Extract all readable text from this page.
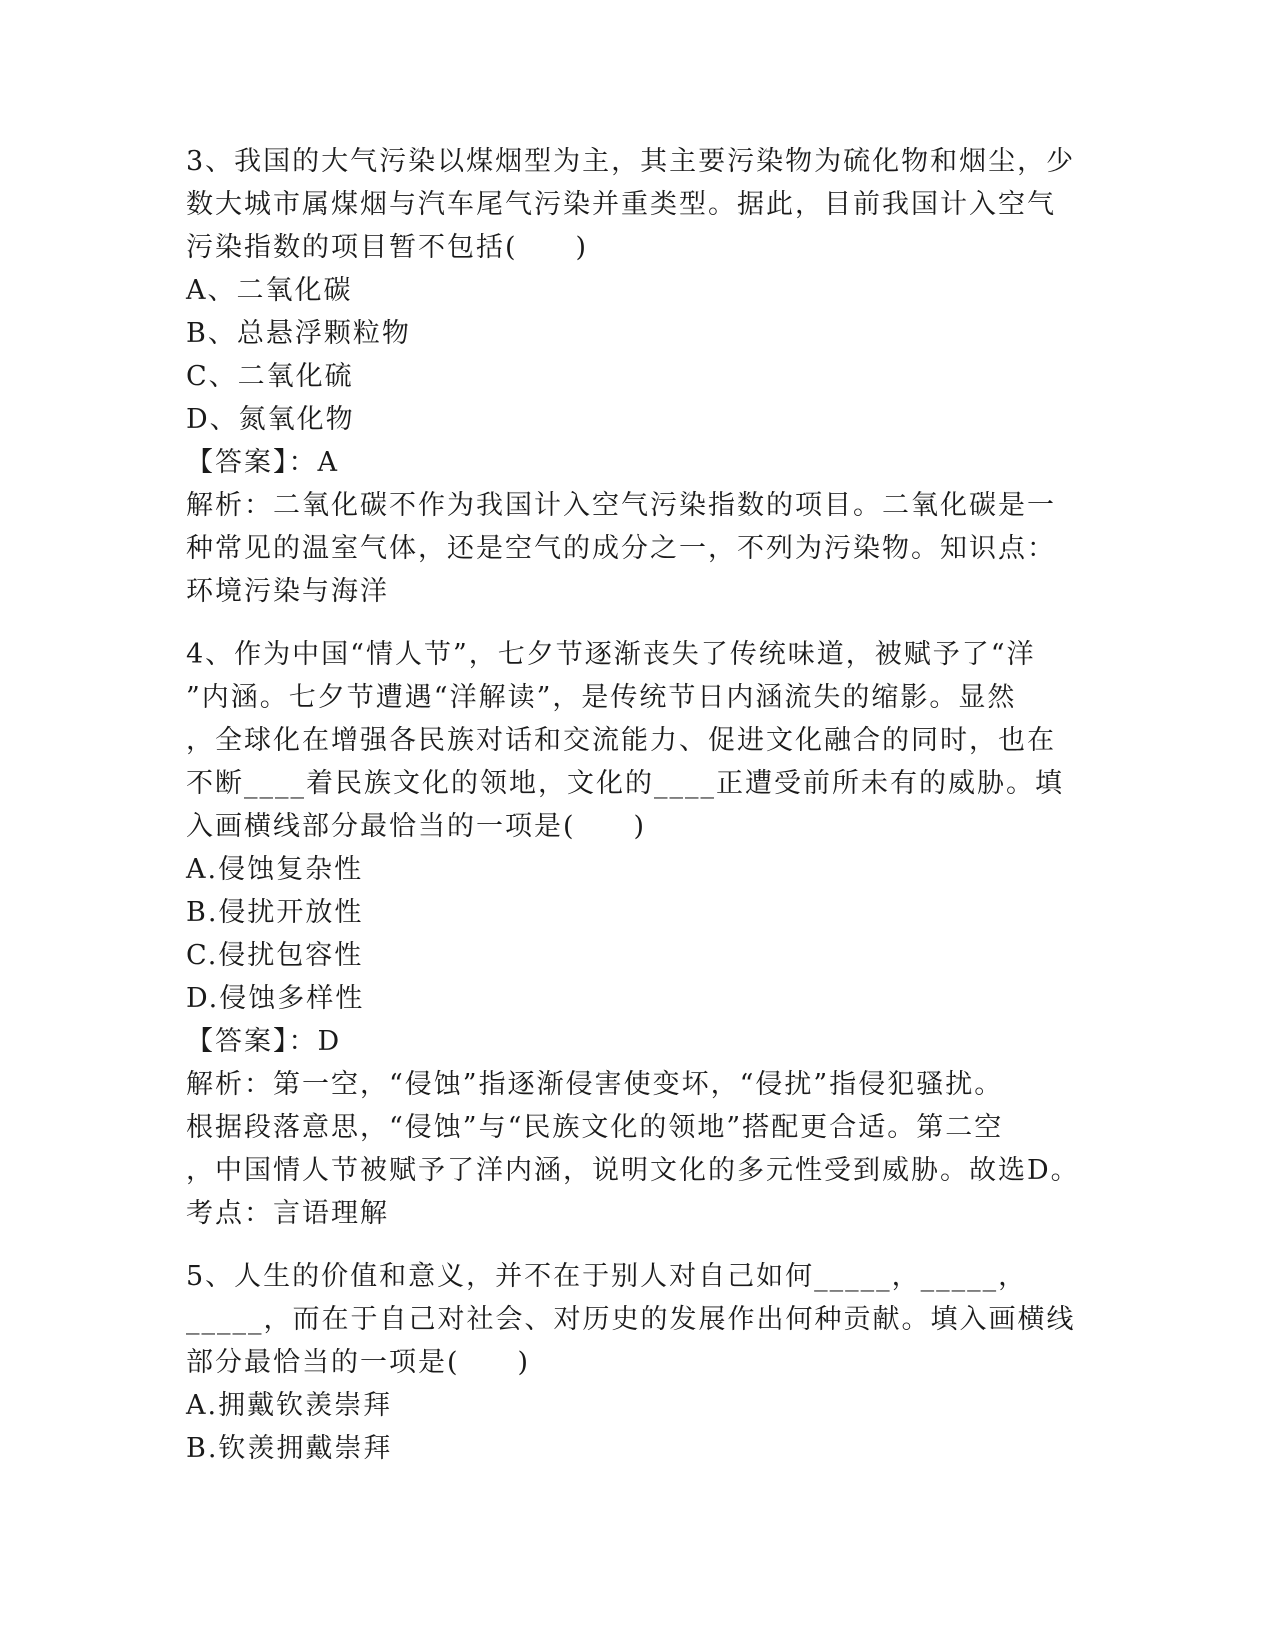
3、我国的大气污染以煤烟型为主，其主要污染物为硫化物和烟尘，少
数大城市属煤烟与汽车尾气污染并重类型。据此，目前我国计入空气
污染指数的项目暂不包括(　　)
A、二氧化碳
B、总悬浮颗粒物
C、二氧化硫
D、氮氧化物
【答案】：A
解析：二氧化碳不作为我国计入空气污染指数的项目。二氧化碳是一
种常见的温室气体，还是空气的成分之一，不列为污染物。知识点：
环境污染与海洋
4、作为中国“情人节”，七夕节逐渐丧失了传统味道，被赋予了“洋
”内涵。七夕节遭遇“洋解读”，是传统节日内涵流失的缩影。显然
，全球化在增强各民族对话和交流能力、促进文化融合的同时，也在
不断____着民族文化的领地，文化的____正遭受前所未有的威胁。填
入画横线部分最恰当的一项是(　　)
A.侵蚀复杂性
B.侵扰开放性
C.侵扰包容性
D.侵蚀多样性
【答案】：D
解析：第一空，“侵蚀”指逐渐侵害使变坏，“侵扰”指侵犯骚扰。
根据段落意思，“侵蚀”与“民族文化的领地”搭配更合适。第二空
，中国情人节被赋予了洋内涵，说明文化的多元性受到威胁。故选D。
考点：言语理解
5、人生的价值和意义，并不在于别人对自己如何_____，_____，
_____，而在于自己对社会、对历史的发展作出何种贡献。填入画横线
部分最恰当的一项是(　　)
A.拥戴钦羡崇拜
B.钦羡拥戴崇拜
